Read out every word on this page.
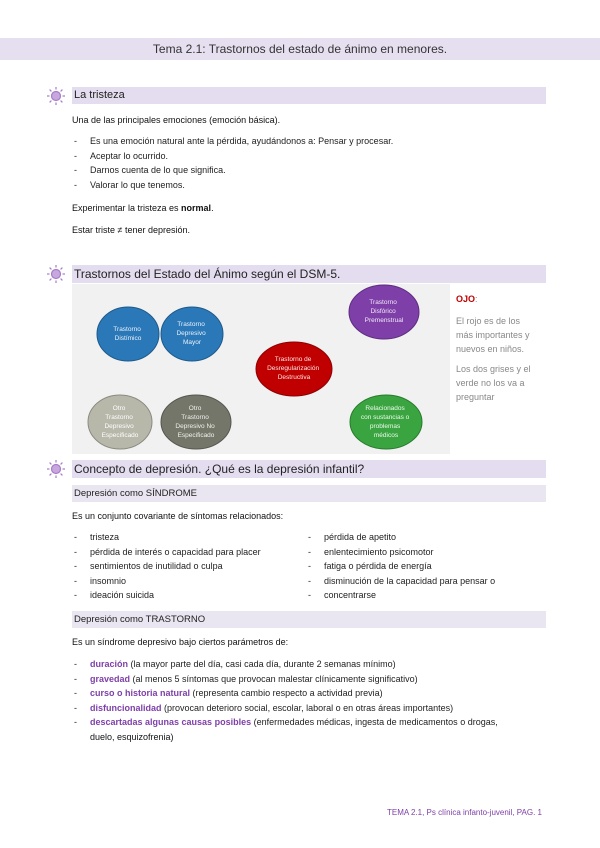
Tema 2.1: Trastornos del estado de ánimo en menores.
La tristeza
Una de las principales emociones (emoción básica).
- Es una emoción natural ante la pérdida, ayudándonos a: Pensar y procesar.
- Aceptar lo ocurrido.
- Darnos cuenta de lo que significa.
- Valorar lo que tenemos.
Experimentar la tristeza es normal.
Estar triste ≠ tener depresión.
Trastornos del Estado del Ánimo según el DSM-5.
Trastorno Disfórico Premenstrual
Trastorno Distímico
Trastorno Depresivo Mayor
Trastorno de Desregularización Destructiva
Otro Trastorno Depresivo Especificado
Otro Trastorno Depresivo No Especificado
Relacionados con sustancias o problemas médicos
OJO:
El rojo es de los
más importantes y
nuevos en niños.
Los dos grises y el
verde no los va a
preguntar
Concepto de depresión. ¿Qué es la depresión infantil?
Depresión como SÍNDROME
Es un conjunto covariante de síntomas relacionados:
- tristeza
- pérdida de interés o capacidad para placer
- sentimientos de inutilidad o culpa
- insomnio
- ideación suicida
- pérdida de apetito
- enlentecimiento psicomotor
- fatiga o pérdida de energía
- disminución de la capacidad para pensar o
- concentrarse
Depresión como TRASTORNO
Es un síndrome depresivo bajo ciertos parámetros de:
- duración (la mayor parte del día, casi cada día, durante 2 semanas mínimo)
- gravedad (al menos 5 síntomas que provocan malestar clínicamente significativo)
- curso o historia natural (representa cambio respecto a actividad previa)
- disfuncionalidad (provocan deterioro social, escolar, laboral o en otras áreas importantes)
- descartadas algunas causas posibles (enfermedades médicas, ingesta de medicamentos o drogas,
duelo, esquizofrenia)
TEMA 2.1, Ps clínica infanto-juvenil, PAG. 1
